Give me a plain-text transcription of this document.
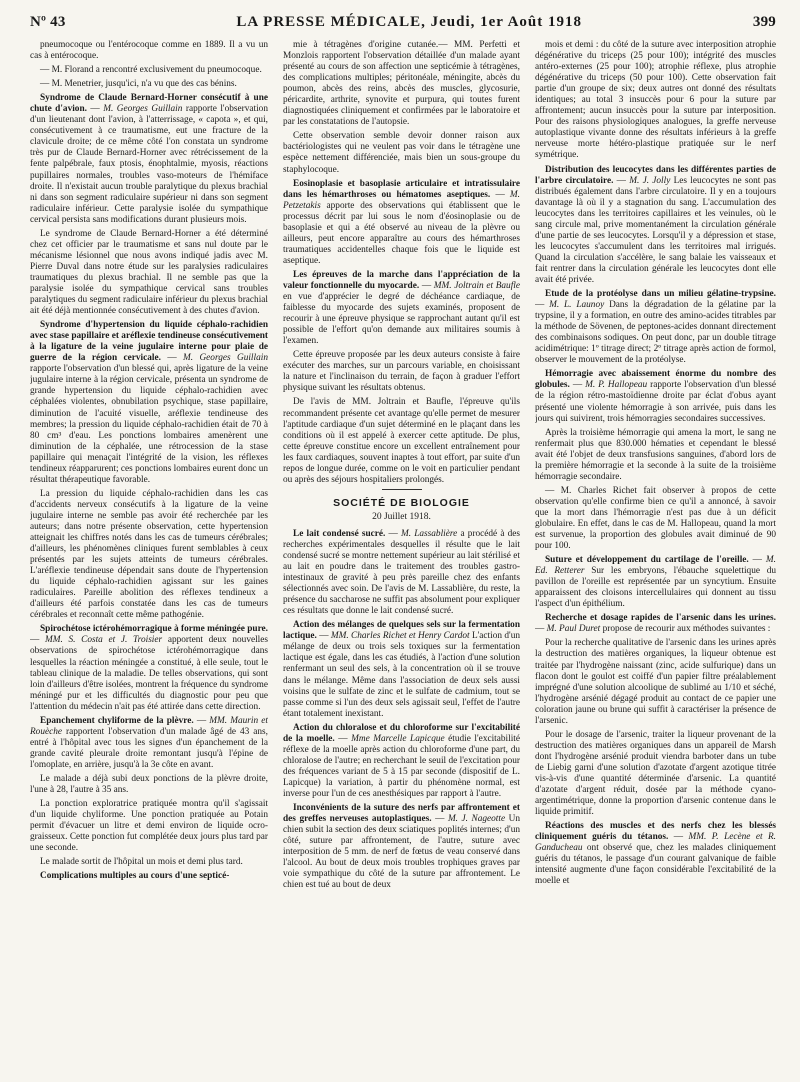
Nº 43	LA PRESSE MÉDICALE, Jeudi, 1er Août 1918	399

pneumocoque ou l'entérocoque comme en 1889. Il a vu un cas à entérocoque.

— M. Florand a rencontré exclusivement du pneumocoque.

— M. Menetrier, jusqu'ici, n'a vu que des cas bénins.

Syndrome de Claude Bernard-Horner consécutif à une chute d'avion. — M. Georges Guillain rapporte l'observation d'un lieutenant dont l'avion, à l'atterrissage, « capota », et qui, consécutivement à ce traumatisme, eut une fracture de la clavicule droite; de ce même côté l'on constata un syndrome très pur de Claude Bernard-Horner avec rétrécissement de la fente palpébrale, faux ptosis, énophtalmie, myosis, réactions pupillaires normales, troubles vaso-moteurs de l'hémiface droite. Il n'existait aucun trouble paralytique du plexus brachial ni dans son segment radiculaire supérieur ni dans son segment radiculaire inférieur. Cette paralysie isolée du sympathique cervical persista sans modifications durant plusieurs mois.

Le syndrome de Claude Bernard-Horner a été déterminé chez cet officier par le traumatisme et sans nul doute par le mécanisme lésionnel que nous avons indiqué jadis avec M. Pierre Duval dans notre étude sur les paralysies radiculaires traumatiques du plexus brachial. Il ne semble pas que la paralysie isolée du sympathique cervical sans troubles paralytiques du segment radiculaire inférieur du plexus brachial ait été déjà mentionnée consécutivement à des chutes d'avion.

Syndrome d'hypertension du liquide céphalo-rachidien avec stase papillaire et aréflexie tendineuse consécutivement à la ligature de la veine jugulaire interne pour plaie de guerre de la région cervicale. — M. Georges Guillain rapporte l'observation d'un blessé qui, après ligature de la veine jugulaire interne à la région cervicale, présenta un syndrome de grande hypertension du liquide céphalo-rachidien avec céphalées violentes, obnubilation psychique, stase papillaire, diminution de l'acuité visuelle, aréflexie tendineuse des membres; la pression du liquide céphalo-rachidien était de 70 à 80 cm³ d'eau. Les ponctions lombaires amenèrent une diminution de la céphalée, une rétrocession de la stase papillaire qui menaçait l'intégrité de la vision, les réflexes tendineux réapparurent; ces ponctions lombaires eurent donc un résultat thérapeutique favorable.

La pression du liquide céphalo-rachidien dans les cas d'accidents nerveux consécutifs à la ligature de la veine jugulaire interne ne semble pas avoir été recherchée par les auteurs; dans notre présente observation, cette hypertension atteignait les chiffres notés dans les cas de tumeurs cérébrales; d'ailleurs, les phénomènes cliniques furent semblables à ceux présentés par les sujets atteints de tumeurs cérébrales. L'aréflexie tendineuse dépendait sans doute de l'hypertension du liquide céphalo-rachidien agissant sur les gaines radiculaires. Pareille abolition des réflexes tendineux a d'ailleurs été parfois constatée dans les cas de tumeurs cérébrales et reconnaît cette même pathogénie.

Spirochétose ictérohémorragique à forme méningée pure. — MM. S. Costa et J. Troisier apportent deux nouvelles observations de spirochétose ictérohémorragique dans lesquelles la réaction méningée a constitué, à elle seule, tout le tableau clinique de la maladie. De telles observations, qui sont loin d'ailleurs d'être isolées, montrent la fréquence du syndrome méningé pur et les difficultés du diagnostic pour peu que l'attention du médecin n'ait pas été attirée dans cette direction.

Epanchement chyliforme de la plèvre. — MM. Maurin et Rouèche rapportent l'observation d'un malade âgé de 43 ans, entré à l'hôpital avec tous les signes d'un épanchement de la grande cavité pleurale droite remontant jusqu'à l'épine de l'omoplate, en arrière, jusqu'à la 3e côte en avant.

Le malade a déjà subi deux ponctions de la plèvre droite, l'une à 28, l'autre à 35 ans.

La ponction exploratrice pratiquée montra qu'il s'agissait d'un liquide chyliforme. Une ponction pratiquée au Potain permit d'évacuer un litre et demi environ de liquide ocro-graisseux. Cette ponction fut complétée deux jours plus tard par une seconde.

Le malade sortit de l'hôpital un mois et demi plus tard.

Complications multiples au cours d'une septicé-

mie à tétragènes d'origine cutanée.— MM. Perfetti et Monzlois rapportent l'observation détaillée d'un malade ayant présenté au cours de son affection une septicémie à tétragènes, des complications multiples; péritonéale, méningite, abcès du poumon, abcès des reins, abcès des muscles, glycosurie, péricardite, arthrite, synovite et purpura, qui toutes furent diagnostiquées cliniquement et confirmées par le laboratoire et par les constatations de l'autopsie.

Cette observation semble devoir donner raison aux bactériologistes qui ne veulent pas voir dans le tétragène une espèce nettement différenciée, mais bien un sous-groupe du staphylocoque.

Eosinoplasie et basoplasie articulaire et intratissulaire dans les hémarthroses ou hématomes aseptiques. — M. Petzetakis apporte des observations qui établissent que le processus décrit par lui sous le nom d'éosinoplasie ou de basoplasie et qui a été observé au niveau de la plèvre ou ailleurs, peut encore apparaître au cours des hémarthroses traumatiques accidentelles chaque fois que le liquide est aseptique.

Les épreuves de la marche dans l'appréciation de la valeur fonctionnelle du myocarde. — MM. Joltrain et Baufle en vue d'apprécier le degré de déchéance cardiaque, de faiblesse du myocarde des sujets examinés, proposent de recourir à une épreuve physique se rapprochant autant qu'il est possible de l'effort qu'on demande aux militaires soumis à l'examen.

Cette épreuve proposée par les deux auteurs consiste à faire exécuter des marches, sur un parcours variable, en choisissant la nature et l'inclinaison du terrain, de façon à graduer l'effort physique suivant les résultats obtenus.

De l'avis de MM. Joltrain et Baufle, l'épreuve qu'ils recommandent présente cet avantage qu'elle permet de mesurer l'aptitude cardiaque d'un sujet déterminé en le plaçant dans les conditions où il est appelé à exercer cette aptitude. De plus, cette épreuve constitue encore un excellent entraînement pour les faux cardiaques, souvent inaptes à tout effort, par suite d'un repos de longue durée, comme on le voit en particulier pendant ou après des séjours hospitaliers prolongés.

SOCIÉTÉ DE BIOLOGIE
20 Juillet 1918.

Le lait condensé sucré. — M. Lassablière a procédé à des recherches expérimentales desquelles il résulte que le lait condensé sucré se montre nettement supérieur au lait stérilisé et au lait en poudre dans le traitement des troubles gastro-intestinaux de gravité à peu près pareille chez des enfants sélectionnés avec soin. De l'avis de M. Lassablière, du reste, la présence du saccharose ne suffit pas absolument pour expliquer ces résultats que donne le lait condensé sucré.

Action des mélanges de quelques sels sur la fermentation lactique. — MM. Charles Richet et Henry Cardot L'action d'un mélange de deux ou trois sels toxiques sur la fermentation lactique est égale, dans les cas étudiés, à l'action d'une solution renfermant un seul des sels, à la concentration où il se trouve dans le mélange. Même dans l'association de deux sels aussi voisins que le sulfate de zinc et le sulfate de cadmium, tout se passe comme si l'un des deux sels agissait seul, l'effet de l'autre étant totalement inexistant.

Action du chloralose et du chloroforme sur l'excitabilité de la moelle. — Mme Marcelle Lapicque étudie l'excitabilité réflexe de la moelle après action du chloroforme d'une part, du chloralose de l'autre; en recherchant le seuil de l'excitation pour des fréquences variant de 5 à 15 par seconde (dispositif de L. Lapicque) la variation, à partir du phénomène normal, est inverse pour l'un de ces anesthésiques par rapport à l'autre.

Inconvénients de la suture des nerfs par affrontement et des greffes nerveuses autoplastiques. — M. J. Nageotte Un chien subit la section des deux sciatiques poplités internes; d'un côté, suture par affrontement, de l'autre, suture avec interposition de 5 mm. de nerf de fœtus de veau conservé dans l'alcool. Au bout de deux mois troubles trophiques graves par voie sympathique du côté de la suture par affrontement. Le chien est tué au bout de deux

mois et demi : du côté de la suture avec interposition atrophie dégénérative du triceps (25 pour 100); intégrité des muscles antéro-externes (25 pour 100); atrophie réflexe, plus atrophie dégénérative du triceps (50 pour 100). Cette observation fait partie d'un groupe de six; deux autres ont donné des résultats identiques; au total 3 insuccès pour 6 pour la suture par affrontement; aucun insuccès pour la suture par interposition. Pour des raisons physiologiques analogues, la greffe nerveuse autoplastique vivante donne des résultats inférieurs à la greffe nerveuse morte hétéro-plastique pratiquée sur le nerf symétrique.

Distribution des leucocytes dans les différentes parties de l'arbre circulatoire. — M. J. Jolly Les leucocytes ne sont pas distribués également dans l'arbre circulatoire. Il y en a toujours davantage là où il y a stagnation du sang. L'accumulation des leucocytes dans les territoires capillaires et les veinules, où le sang circule mal, prive momentanément la circulation générale d'une partie de ses leucocytes. Lorsqu'il y a dépression et stase, les leucocytes s'accumulent dans les territoires mal irrigués. Quand la circulation s'accélère, le sang balaie les vaisseaux et fait rentrer dans la circulation générale les leucocytes dont elle avait été privée.

Etude de la protéolyse dans un milieu gélatine-trypsine. — M. L. Launoy Dans la dégradation de la gélatine par la trypsine, il y a formation, en outre des amino-acides titrables par la méthode de Sövenen, de peptones-acides donnant directement des combinaisons sodiques. On peut donc, par un double titrage acidimétrique: 1º titrage direct; 2º titrage après action de formol, observer le mouvement de la protéolyse.

Hémorragie avec abaissement énorme du nombre des globules. — M. P. Hallopeau rapporte l'observation d'un blessé de la région rétro-mastoïdienne droite par éclat d'obus ayant présenté une violente hémorragie à son arrivée, puis dans les jours qui suivirent, trois hémorragies secondaires successives.

Après la troisième hémorragie qui amena la mort, le sang ne renfermait plus que 830.000 hématies et cependant le blessé avait été l'objet de deux transfusions sanguines, d'abord lors de la première hémorragie et la seconde à la suite de la troisième hémorragie secondaire.

— M. Charles Richet fait observer à propos de cette observation qu'elle confirme bien ce qu'il a annoncé, à savoir que la mort dans l'hémorragie n'est pas due à un déficit globulaire. En effet, dans le cas de M. Hallopeau, quand la mort est survenue, la proportion des globules avait diminué de 90 pour 100.

Suture et développement du cartilage de l'oreille. — M. Ed. Retterer Sur les embryons, l'ébauche squelettique du pavillon de l'oreille est représentée par un syncytium. Ensuite apparaissent des cloisons intercellulaires qui donnent au tissu l'aspect d'un épithélium.

Recherche et dosage rapides de l'arsenic dans les urines. — M. Paul Duret propose de recourir aux méthodes suivantes :

Pour la recherche qualitative de l'arsenic dans les urines après la destruction des matières organiques, la liqueur obtenue est traitée par l'hydrogène naissant (zinc, acide sulfurique) dans un flacon dont le goulot est coiffé d'un papier filtre préalablement imprégné d'une solution alcoolique de sublimé au 1/10 et séché, l'hydrogène arsénié dégagé produit au contact de ce papier une coloration jaune ou brune qui suffit à caractériser la présence de l'arsenic.

Pour le dosage de l'arsenic, traiter la liqueur provenant de la destruction des matières organiques dans un appareil de Marsh dont l'hydrogène arsénié produit viendra barboter dans un tube de Liebig garni d'une solution d'azotate d'argent azotique titrée vis-à-vis d'une quantité déterminée d'arsenic. La quantité d'azotate d'argent réduit, dosée par la méthode cyano-argentimétrique, donne la proportion d'arsenic contenue dans le liquide primitif.

Réactions des muscles et des nerfs chez les blessés cliniquement guéris du tétanos. — MM. P. Lecène et R. Ganducheau ont observé que, chez les malades cliniquement guéris du tétanos, le passage d'un courant galvanique de faible intensité augmente d'une façon considérable l'excitabilité de la moelle et
